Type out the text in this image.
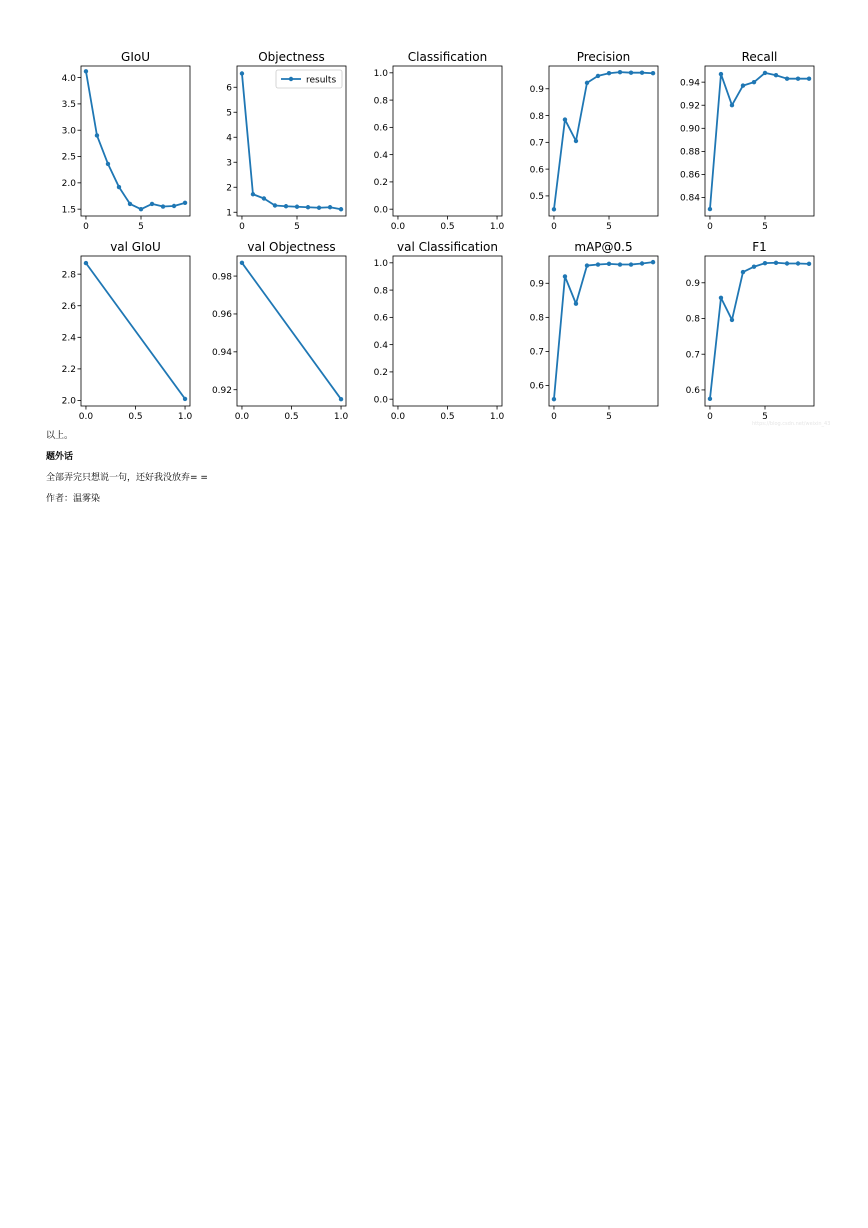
GIoU
0	5
1.5
2.0
2.5
3.0
3.5
4.0
Objectness
0	5
1
2
3
4
5
6
results
Classification
0.0	0.5	1.0
0.0
0.2
0.4
0.6
0.8
1.0
Precision
0	5
0.5
0.6
0.7
0.8
0.9
Recall
0	5
0.84
0.86
0.88
0.90
0.92
0.94
val GIoU
0.0	0.5	1.0
2.0
2.2
2.4
2.6
2.8
val Objectness
0.0	0.5	1.0
0.92
0.94
0.96
0.98
val Classification
0.0	0.5	1.0
0.0
0.2
0.4
0.6
0.8
1.0
mAP@0.5
0	5
0.6
0.7
0.8
0.9
F1
0	5
0.6
0.7
0.8
0.9

以上。

题外话

全部弄完只想说一句，还好我没放弃= =

作者：温雾染

https://blog.csdn.net/weixin_43
